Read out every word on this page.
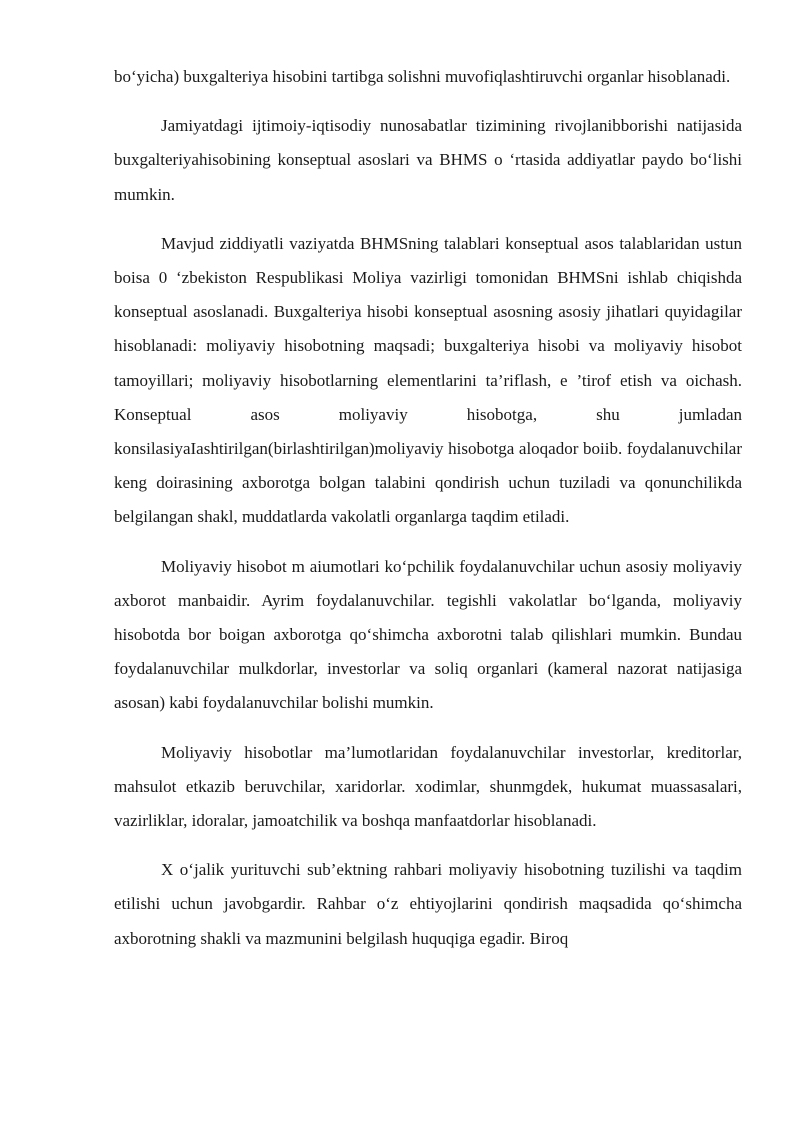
bo‘yicha) buxgalteriya hisobini tartibga solishni muvofiqlashtiruvchi organlar hisoblanadi.

Jamiyatdagi ijtimoiy-iqtisodiy nunosabatlar tizimining rivojlanibborishi natijasida buxgalteriyahisobining konseptual asoslari va BHMS o ‘rtasida addiyatlar paydo bo‘lishi mumkin.

Mavjud ziddiyatli vaziyatda BHMSning talablari konseptual asos talablaridan ustun boisa 0 ‘zbekiston Respublikasi Moliya vazirligi tomonidan BHMSni ishlab chiqishda konseptual asoslanadi. Buxgalteriya hisobi konseptual asosning asosiy jihatlari quyidagilar hisoblanadi: moliyaviy hisobotning maqsadi; buxgalteriya hisobi va moliyaviy hisobot tamoyillari; moliyaviy hisobotlarning elementlarini ta’riflash, e ’tirof etish va oichash. Konseptual asos moliyaviy hisobotga, shu jumladan konsilasiyaIashtirilgan(birlashtirilgan)moliyaviy hisobotga aloqador boiib. foydalanuvchilar keng doirasining axborotga bolgan talabini qondirish uchun tuziladi va qonunchilikda belgilangan shakl, muddatlarda vakolatli organlarga taqdim etiladi.

Moliyaviy hisobot m aiumotlari ko‘pchilik foydalanuvchilar uchun asosiy moliyaviy axborot manbaidir. Ayrim foydalanuvchilar. tegishli vakolatlar bo‘lganda, moliyaviy hisobotda bor boigan axborotga qo‘shimcha axborotni talab qilishlari mumkin. Bundau foydalanuvchilar mulkdorlar, investorlar va soliq organlari (kameral nazorat natijasiga asosan) kabi foydalanuvchilar bolishi mumkin.

Moliyaviy hisobotlar ma’lumotlaridan foydalanuvchilar investorlar, kreditorlar, mahsulot etkazib beruvchilar, xaridorlar. xodimlar, shunmgdek, hukumat muassasalari, vazirliklar, idoralar, jamoatchilik va boshqa manfaatdorlar hisoblanadi.

X o‘jalik yurituvchi sub’ektning rahbari moliyaviy hisobotning tuzilishi va taqdim etilishi uchun javobgardir. Rahbar o‘z ehtiyojlarini qondirish maqsadida qo‘shimcha axborotning shakli va mazmunini belgilash huquqiga egadir. Biroq
